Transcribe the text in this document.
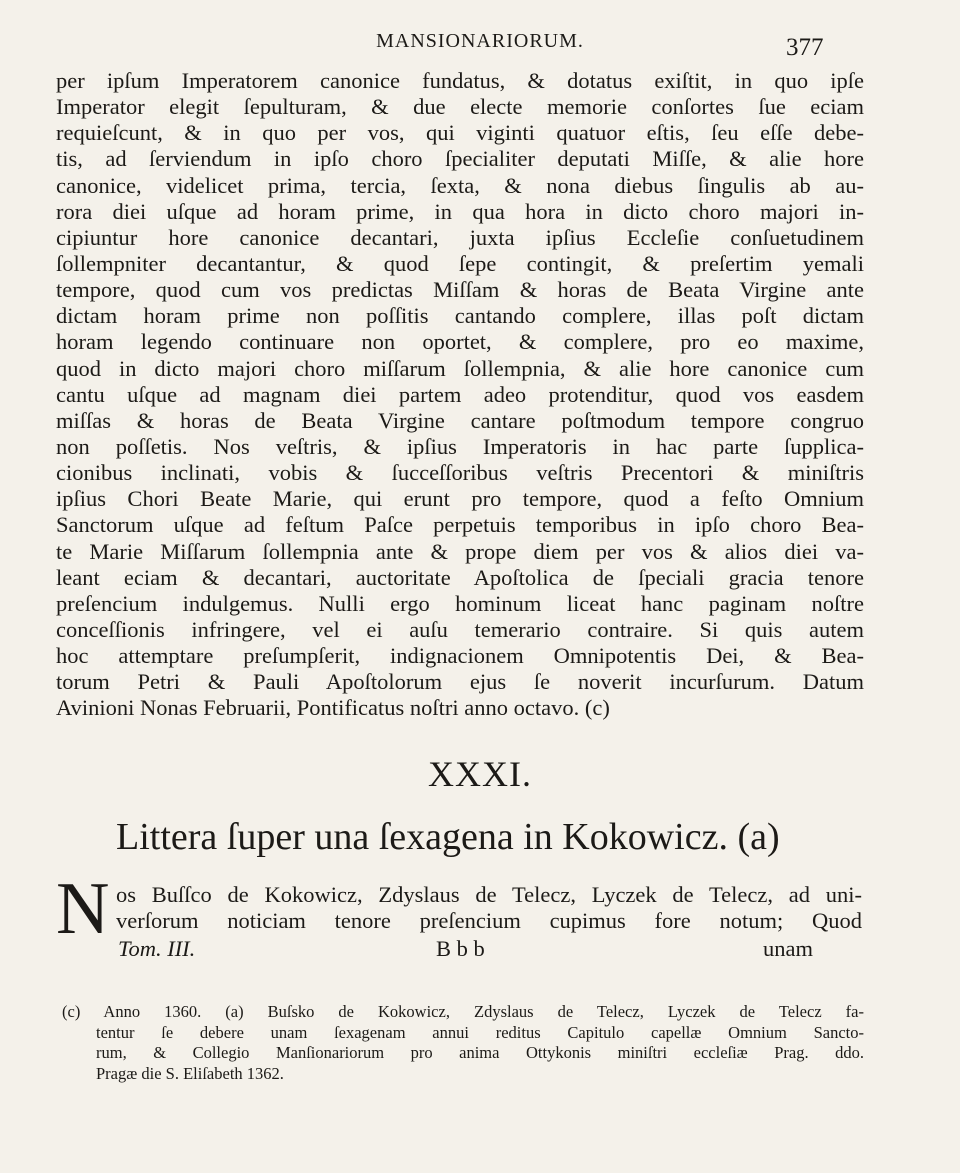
MANSIONARIORUM.	377
per ipſum Imperatorem canonice fundatus, & dotatus exiſtit, in quo ipſe
Imperator elegit ſepulturam, & due electe memorie conſortes ſue eciam
requieſcunt, & in quo per vos, qui viginti quatuor eſtis, ſeu eſſe debe-
tis, ad ſerviendum in ipſo choro ſpecialiter deputati Miſſe, & alie hore
canonice, videlicet prima, tercia, ſexta, & nona diebus ſingulis ab au-
rora diei uſque ad horam prime, in qua hora in dicto choro majori in-
cipiuntur hore canonice decantari, juxta ipſius Eccleſie conſuetudinem
ſollempniter decantantur, & quod ſepe contingit, & preſertim yemali
tempore, quod cum vos predictas Miſſam & horas de Beata Virgine ante
dictam horam prime non poſſitis cantando complere, illas poſt dictam
horam legendo continuare non oportet, & complere, pro eo maxime,
quod in dicto majori choro miſſarum ſollempnia, & alie hore canonice cum
cantu uſque ad magnam diei partem adeo protenditur, quod vos easdem
miſſas & horas de Beata Virgine cantare poſtmodum tempore congruo
non poſſetis. Nos veſtris, & ipſius Imperatoris in hac parte ſupplica-
cionibus inclinati, vobis & ſucceſſoribus veſtris Precentori & miniſtris
ipſius Chori Beate Marie, qui erunt pro tempore, quod a feſto Omnium
Sanctorum uſque ad feſtum Paſce perpetuis temporibus in ipſo choro Bea-
te Marie Miſſarum ſollempnia ante & prope diem per vos & alios diei va-
leant eciam & decantari, auctoritate Apoſtolica de ſpeciali gracia tenore
preſencium indulgemus. Nulli ergo hominum liceat hanc paginam noſtre
conceſſionis infringere, vel ei auſu temerario contraire. Si quis autem
hoc attemptare preſumpſerit, indignacionem Omnipotentis Dei, & Bea-
torum Petri & Pauli Apoſtolorum ejus ſe noverit incurſurum. Datum
Avinioni Nonas Februarii, Pontificatus noſtri anno octavo. (c)
XXXI.
Littera ſuper una ſexagena in Kokowicz. (a)
N os Buſſco de Kokowicz, Zdyslaus de Telecz, Lyczek de Telecz, ad uni-
verſorum noticiam tenore preſencium cupimus fore notum; Quod
Tom. III.	B b b	unam
(c) Anno 1360. (a) Buſsko de Kokowicz, Zdyslaus de Telecz, Lyczek de Telecz fa-
tentur ſe debere unam ſexagenam annui reditus Capitulo capellæ Omnium Sancto-
rum, & Collegio Manſionariorum pro anima Ottykonis miniſtri eccleſiæ Prag. ddo.
Pragæ die S. Eliſabeth 1362.
